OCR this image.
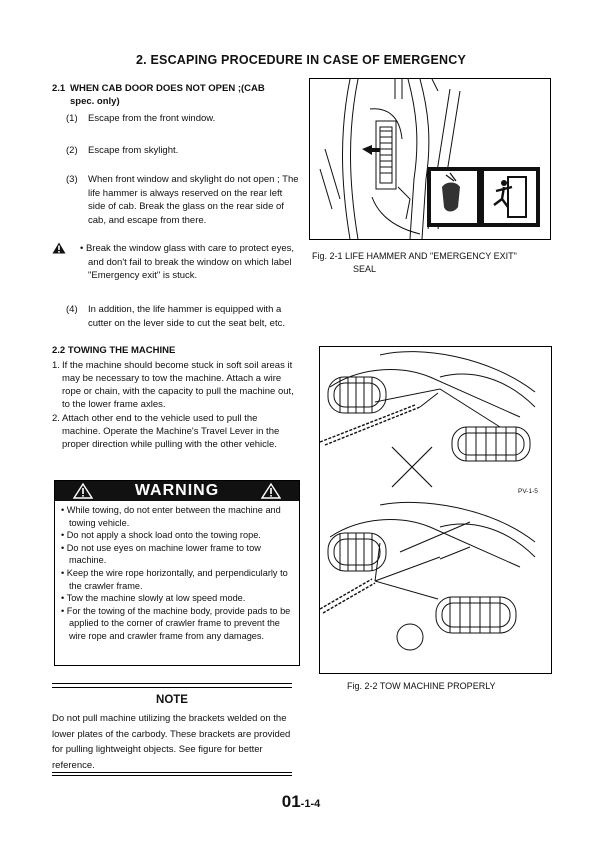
2. ESCAPING PROCEDURE IN CASE OF EMERGENCY
2.1 WHEN CAB DOOR DOES NOT OPEN ;(CAB
spec. only)
(1) Escape from the front window.
(2) Escape from skylight.
(3) When front window and skylight do not open ; The life hammer is always reserved on the rear left side of cab. Break the glass on the rear side of cab, and escape from there.
• Break the window glass with care to protect eyes, and don't fail to break the window on which label "Emergency exit" is stuck.
(4) In addition, the life hammer is equipped with a cutter on the lever side to cut the seat belt, etc.
Fig. 2-1 LIFE HAMMER AND "EMERGENCY EXIT"
SEAL
2.2 TOWING THE MACHINE
1. If the machine should become stuck in soft soil areas it may be necessary to tow the machine. Attach a wire rope or chain, with the capacity to pull the machine out, to the lower frame axles.
2. Attach other end to the vehicle used to pull the machine. Operate the Machine's Travel Lever in the proper direction while pulling with the other vehicle.
WARNING
• While towing, do not enter between the machine and towing vehicle.
• Do not apply a shock load onto the towing rope.
• Do not use eyes on machine lower frame to tow machine.
• Keep the wire rope horizontally, and perpendicularly to the crawler frame.
• Tow the machine slowly at low speed mode.
• For the towing of the machine body, provide pads to be applied to the corner of crawler frame to prevent the wire rope and crawler frame from any damages.
NOTE
Do not pull machine utilizing the brackets welded on the lower plates of the carbody. These brackets are provided for pulling lightweight objects. See figure for better reference.
PV-1-5
Fig. 2-2 TOW MACHINE PROPERLY
01-1-4
